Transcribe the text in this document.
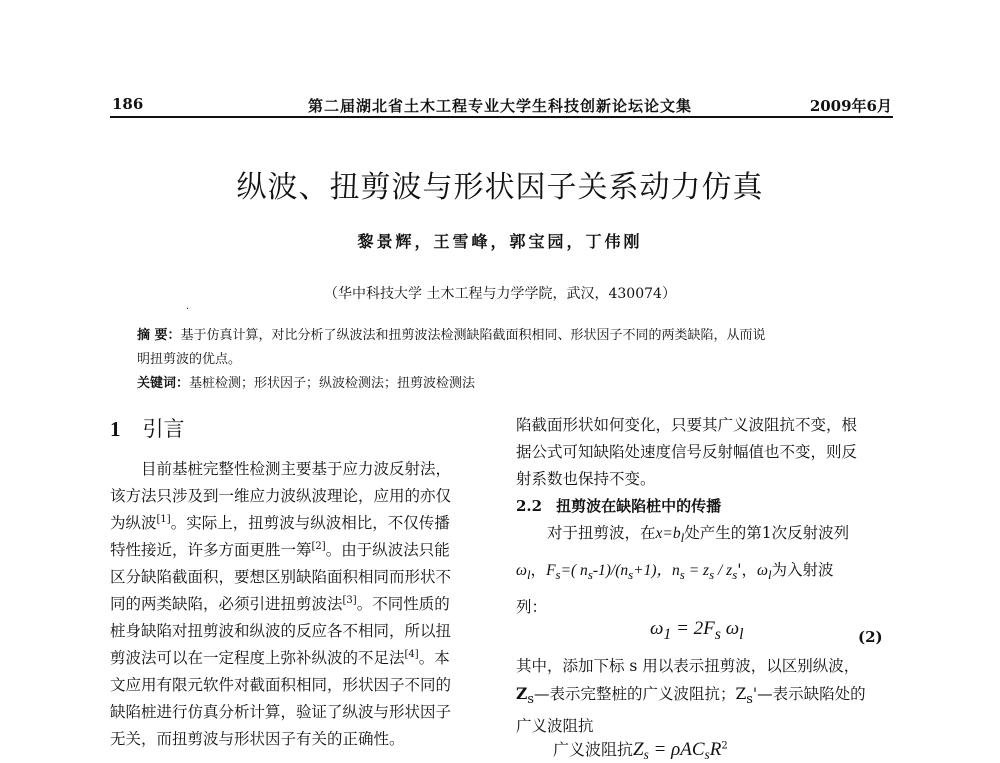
186	第二届湖北省土木工程专业大学生科技创新论坛论文集	2009年6月
纵波、扭剪波与形状因子关系动力仿真
黎景辉，王雪峰，郭宝园，丁伟刚
（华中科技大学 土木工程与力学学院，武汉，430074）
·
摘 要：基于仿真计算，对比分析了纵波法和扭剪波法检测缺陷截面积相同、形状因子不同的两类缺陷，从而说
明扭剪波的优点。
关键词：基桩检测；形状因子；纵波检测法；扭剪波检测法
1 引言

目前基桩完整性检测主要基于应力波反射法，

该方法只涉及到一维应力波纵波理论，应用的亦仅

为纵波[1]。实际上，扭剪波与纵波相比，不仅传播

特性接近，许多方面更胜一筹[2]。由于纵波法只能

区分缺陷截面积，要想区别缺陷面积相同而形状不

同的两类缺陷，必须引进扭剪波法[3]。不同性质的

桩身缺陷对扭剪波和纵波的反应各不相同，所以扭

剪波法可以在一定程度上弥补纵波的不足法[4]。本

文应用有限元软件对截面积相同，形状因子不同的

缺陷桩进行仿真分析计算，验证了纵波与形状因子

无关，而扭剪波与形状因子有关的正确性。

陷截面形状如何变化，只要其广义波阻抗不变，根

据公式可知缺陷处速度信号反射幅值也不变，则反

射系数也保持不变。

2.2 扭剪波在缺陷桩中的传播

对于扭剪波，在$x=b_l$处产生的第1次反射波列

$\omega_l$，$F_s=$( $n_s-1)/(n_s+1)$，$n_s = z_s / z_s'$，$\omega_l$为入射波

列：

$\omega_1 = 2F_s$ $\omega_l$	(2)

其中，添加下标 s 用以表示扭剪波，以区别纵波，

$Z_s—$表示完整桩的广义波阻抗；$Z_s'—$表示缺陷处的

广义波阻抗

广义波阻抗$Z_s = \rho AC_sR^2$
